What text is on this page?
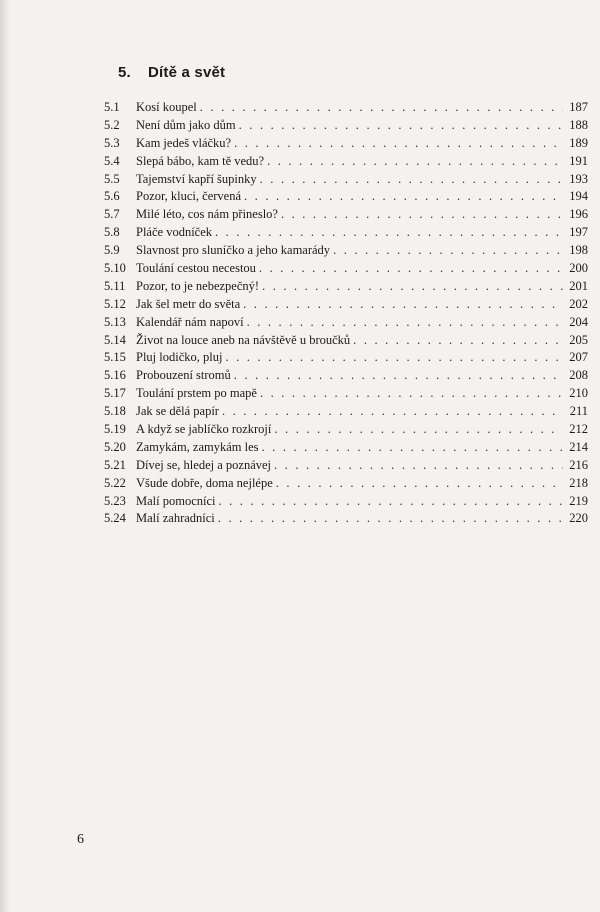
5. Dítě a svět
5.1	Kosí koupel . . .	187
5.2	Není dům jako dům . . .	188
5.3	Kam jedeš vláčku? . . .	189
5.4	Slepá bábo, kam tě vedu? . . .	191
5.5	Tajemství kapří šupinky . . .	193
5.6	Pozor, kluci, červená . . .	194
5.7	Milé léto, cos nám přineslo? . . .	196
5.8	Pláče vodníček . . .	197
5.9	Slavnost pro sluníčko a jeho kamarády . . .	198
5.10 Toulání cestou necestou . . .	200
5.11 Pozor, to je nebezpečný! . . .	201
5.12 Jak šel metr do světa . . .	202
5.13 Kalendář nám napoví . . .	204
5.14 Život na louce aneb na návštěvě u broučků . . .	205
5.15 Pluj lodičko, pluj . . .	207
5.16 Probouzení stromů . . .	208
5.17 Toulání prstem po mapě . . .	210
5.18 Jak se dělá papír . . .	211
5.19 A když se jablíčko rozkrojí . . .	212
5.20 Zamykám, zamykám les . . .	214
5.21 Dívej se, hledej a poznávej . . .	216
5.22 Všude dobře, doma nejlépe . . .	218
5.23 Malí pomocníci . . .	219
5.24 Malí zahradníci . . .	220
6
